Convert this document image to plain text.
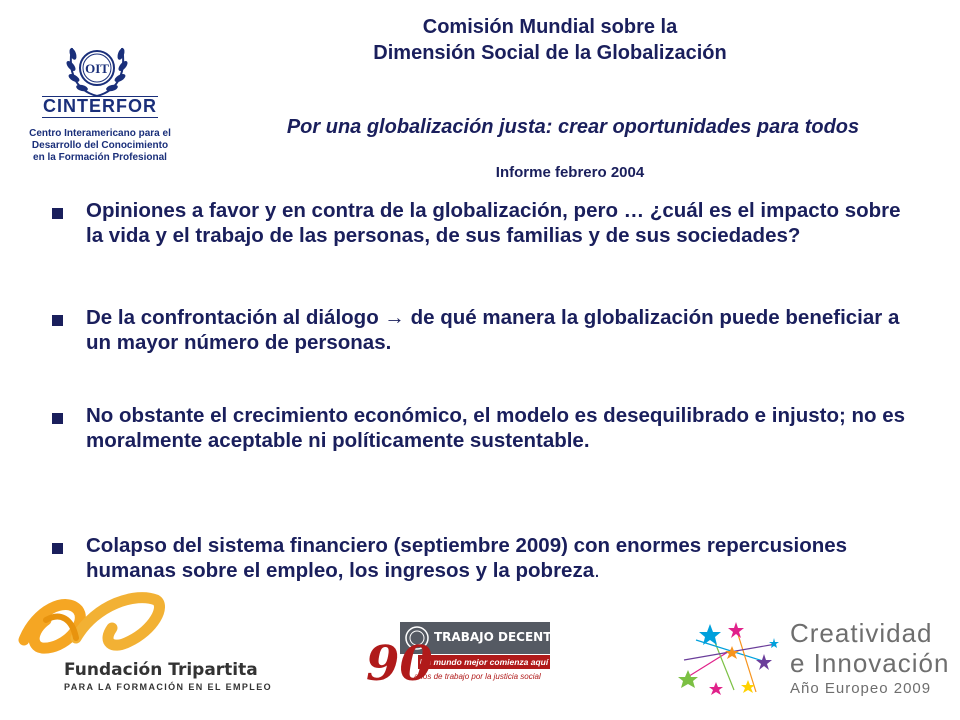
Comisión Mundial sobre la
Dimensión Social de la Globalización
Por una globalización justa: crear oportunidades para todos
Informe febrero 2004
OIT
CINTERFOR
Centro Interamericano para el
Desarrollo del Conocimiento
en la Formación Profesional
Opiniones a favor y en contra de la globalización, pero … ¿cuál es el impacto sobre la vida y el trabajo de las personas, de sus familias y de sus sociedades?
De la confrontación al diálogo → de qué manera la globalización puede beneficiar a un mayor número de personas.
No obstante el crecimiento económico, el modelo es desequilibrado e injusto; no es moralmente aceptable ni políticamente sustentable.
Colapso del sistema financiero (septiembre 2009) con enormes repercusiones humanas sobre el empleo, los ingresos y la pobreza.
Fundación Tripartita
PARA LA FORMACIÓN EN EL EMPLEO
TRABAJO DECENTE
Un mundo mejor comienza aquí
90
años de trabajo por la justicia social
Creatividad
e Innovación
Año Europeo 2009
